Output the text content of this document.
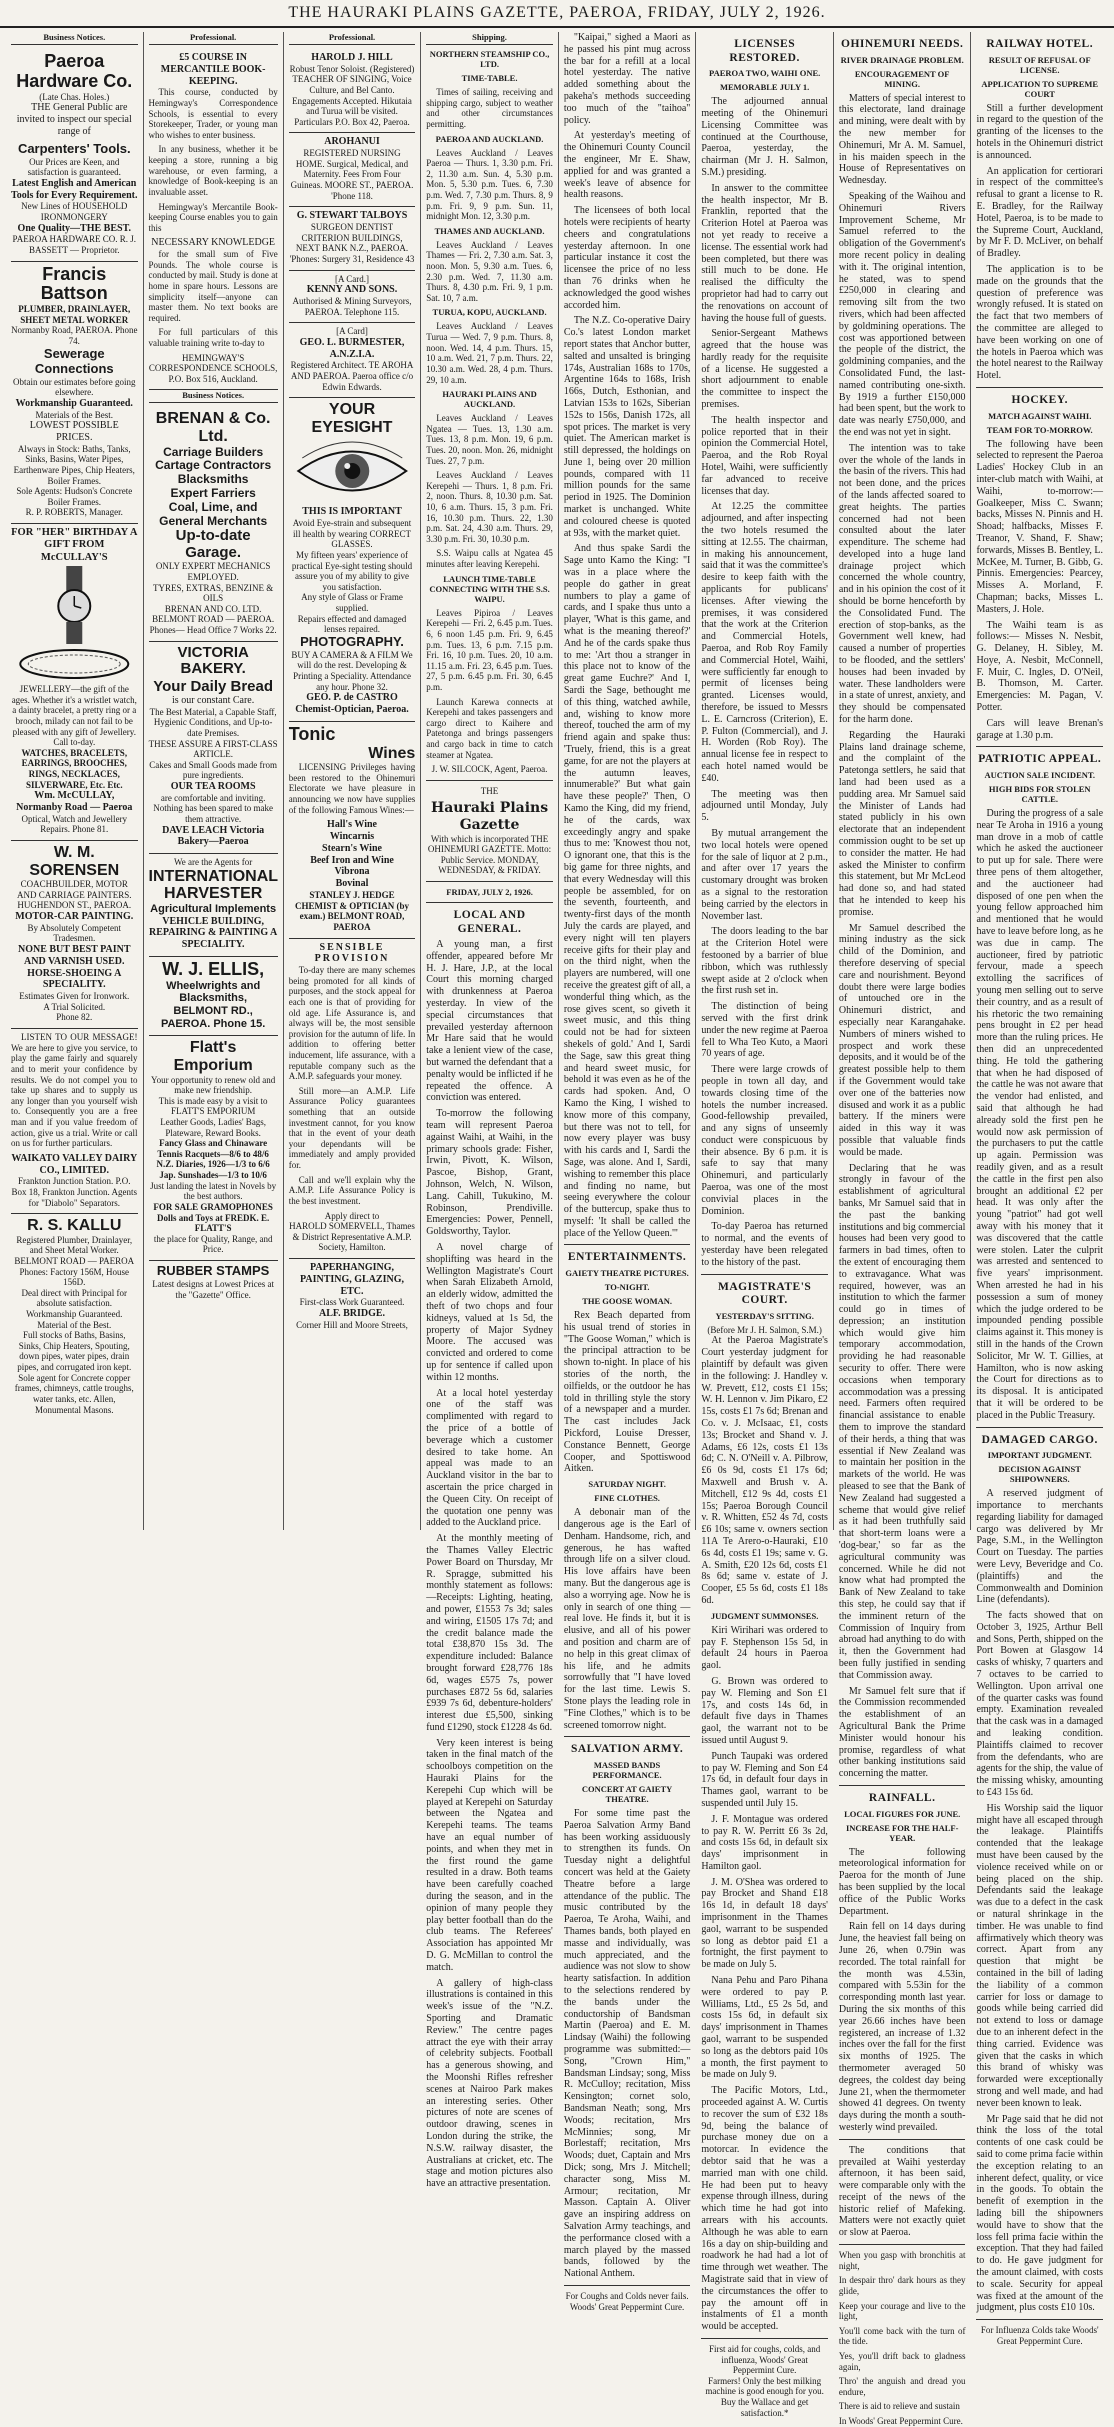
THE HAURAKI PLAINS GAZETTE, PAEROA, FRIDAY, JULY 2, 1926.
Business Notices.
Paeroa Hardware Co.
(Late Chas. Holes.)

THE General Public are invited to inspect our special range of

Carpenters' Tools.
Our Prices are Keen, and satisfaction is guaranteed.
Latest English and American Tools for Every Requirement.
New Lines of HOUSEHOLD IRONMONGERY
One Quality—THE BEST.
PAEROA HARDWARE CO. R. J. BASSETT — Proprietor.
Francis Battson
PLUMBER, DRAINLAYER, SHEET METAL WORKER
Normanby Road, PAEROA. Phone 74.
Sewerage Connections
Obtain our estimates before going elsewhere.
Workmanship Guaranteed.
Materials of the Best.
LOWEST POSSIBLE PRICES.
Always in Stock: Baths, Tanks, Sinks, Basins, Water Pipes, Earthenware Pipes, Chip Heaters, Boiler Frames.
Sole Agents: Hudson's Concrete Boiler Frames.
R. P. ROBERTS, Manager.
FOR "HER" BIRTHDAY A GIFT FROM McCULLAY'S
JEWELLERY—the gift of the ages. Whether it's a wristlet watch, a dainty bracelet, a pretty ring or a brooch, milady can not fail to be pleased with any gift of Jewellery. Call to-day.
WATCHES, BRACELETS, EARRINGS, BROOCHES, RINGS, NECKLACES, SILVERWARE, Etc. Etc.
Wm. McCULLAY, Normanby Road — Paeroa
Optical, Watch and Jewellery Repairs. Phone 81.
W. M. SORENSEN
COACHBUILDER, MOTOR AND CARRIAGE PAINTERS. HUGHENDON ST., PAEROA.
MOTOR-CAR PAINTING.
By Absolutely Competent Tradesmen.
NONE BUT BEST PAINT AND VARNISH USED.
HORSE-SHOEING A SPECIALITY.
Estimates Given for Ironwork.
A Trial Solicited.
Phone 82.

LISTEN TO OUR MESSAGE! We are here to give you service, to play the game fairly and squarely and to merit your confidence by results. We do not compel you to take up shares and to supply us any longer than you yourself wish to. Consequently you are a free man and if you value freedom of action, give us a trial. Write or call on us for further particulars.

WAIKATO VALLEY DAIRY CO., LIMITED.
Frankton Junction Station. P.O. Box 18, Frankton Junction. Agents for "Diabolo" Separators.
R. S. KALLU
Registered Plumber, Drainlayer, and Sheet Metal Worker.
BELMONT ROAD — PAEROA
Phones: Factory 156M, House 156D.
Deal direct with Principal for absolute satisfaction. Workmanship Guaranteed.
Material of the Best.
Full stocks of Baths, Basins, Sinks, Chip Heaters, Spouting, down pipes, water pipes, drain pipes, and corrugated iron kept.
Sole agent for Concrete copper frames, chimneys, cattle troughs, water tanks, etc. Allen, Monumental Masons.
Professional.
£5 COURSE IN MERCANTILE BOOK-KEEPING.

This course, conducted by Hemingway's Correspondence Schools, is essential to every Storekeeper, Trader, or young man who wishes to enter business.

In any business, whether it be keeping a store, running a big warehouse, or even farming, a knowledge of Book-keeping is an invaluable asset.

Hemingway's Mercantile Book-keeping Course enables you to gain this

NECESSARY KNOWLEDGE

for the small sum of Five Pounds. The whole course is conducted by mail. Study is done at home in spare hours. Lessons are simplicity itself—anyone can master them. No text books are required.

For full particulars of this valuable training write to-day to

HEMINGWAY'S CORRESPONDENCE SCHOOLS, P.O. Box 516, Auckland.
Business Notices.
BRENAN & Co. Ltd.
Carriage Builders
Cartage Contractors
Blacksmiths
Expert Farriers
Coal, Lime, and
General Merchants
Up-to-date Garage.
ONLY EXPERT MECHANICS EMPLOYED.
TYRES, EXTRAS, BENZINE & OILS
BRENAN AND CO. LTD. BELMONT ROAD — PAEROA.
Phones— Head Office 7 Works 22.
VICTORIA BAKERY.
Your Daily Bread
is our constant Care.
The Best Material, a Capable Staff, Hygienic Conditions, and Up-to-date Premises.
THESE ASSURE A FIRST-CLASS ARTICLE.
Cakes and Small Goods made from pure ingredients.
OUR TEA ROOMS
are comfortable and inviting. Nothing has been spared to make them attractive.
DAVE LEACH Victoria Bakery—Paeroa
We are the Agents for
INTERNATIONAL HARVESTER
Agricultural Implements
VEHICLE BUILDING, REPAIRING & PAINTING A SPECIALITY.
W. J. ELLIS,
Wheelwrights and Blacksmiths,
BELMONT RD., PAEROA. Phone 15.
Flatt's Emporium
Your opportunity to renew old and make new friendship.
This is made easy by a visit to FLATT'S EMPORIUM
Leather Goods, Ladies' Bags, Plateware, Reward Books.
Fancy Glass and Chinaware Tennis Racquets—8/6 to 48/6 N.Z. Diaries, 1926—1/3 to 6/6 Jap. Sunshades—1/3 to 10/6
Just landing the latest in Novels by the best authors.
FOR SALE GRAMOPHONES Dolls and Toys at FREDK. E. FLATT'S
the place for Quality, Range, and Price.
RUBBER STAMPS
Latest designs at Lowest Prices at the "Gazette" Office.
Professional.
HAROLD J. HILL
Robust Tenor Soloist. (Registered) TEACHER OF SINGING, Voice Culture, and Bel Canto. Engagements Accepted. Hikutaia and Turua will be visited. Particulars P.O. Box 42, Paeroa.
AROHANUI
REGISTERED NURSING HOME. Surgical, Medical, and Maternity. Fees From Four Guineas. MOORE ST., PAEROA. 'Phone 118.
G. STEWART TALBOYS
SURGEON DENTIST CRITERION BUILDINGS, NEXT BANK N.Z., PAEROA. 'Phones: Surgery 31, Residence 43
[A Card.]
KENNY AND SONS.
Authorised & Mining Surveyors, PAEROA. Telephone 115.
[A Card]
GEO. L. BURMESTER, A.N.Z.I.A.
Registered Architect. TE AROHA AND PAEROA. Paeroa office c/o Edwin Edwards.
YOUR EYESIGHT
THIS IS IMPORTANT
Avoid Eye-strain and subsequent ill health by wearing CORRECT GLASSES.
My fifteen years' experience of practical Eye-sight testing should assure you of my ability to give you satisfaction.
Any style of Glass or Frame supplied.
Repairs effected and damaged lenses repaired.
PHOTOGRAPHY.
BUY A CAMERA & A FILM We will do the rest. Developing & Printing a Speciality. Attendance any hour. Phone 32.
GEO. P. de CASTRO Chemist-Optician, Paeroa.
Tonic
Wines

LICENSING Privileges having been restored to the Ohinemuri Electorate we have pleasure in announcing we now have supplies of the following Famous Wines:—

Hall's Wine
Wincarnis
Stearn's Wine
Beef Iron and Wine
Vibrona
Bovinal
STANLEY J. HEDGE CHEMIST & OPTICIAN (by exam.) BELMONT ROAD, PAEROA
SENSIBLE PROVISION

To-day there are many schemes being promoted for all kinds of purposes, and the stock appeal for each one is that of providing for old age. Life Assurance is, and always will be, the most sensible provision for the autumn of life. In addition to offering better inducement, life assurance, with a reputable company such as the A.M.P. safeguards your money.

Still more—an A.M.P. Life Assurance Policy guarantees something that an outside investment cannot, for you know that in the event of your death your dependants will be immediately and amply provided for.

Call and we'll explain why the A.M.P. Life Assurance Policy is the best investment.

Apply direct to
HAROLD SOMERVELL, Thames & District Representative A.M.P. Society, Hamilton.
PAPERHANGING, PAINTING, GLAZING, ETC.
First-class Work Guaranteed.
ALF. BRIDGE.
Corner Hill and Moore Streets,
Shipping.
NORTHERN STEAMSHIP CO., LTD.
TIME-TABLE.

Times of sailing, receiving and shipping cargo, subject to weather and other circumstances permitting.

PAEROA AND AUCKLAND.

Leaves Auckland / Leaves Paeroa — Thurs. 1, 3.30 p.m. Fri. 2, 11.30 a.m. Sun. 4, 5.30 p.m. Mon. 5, 5.30 p.m. Tues. 6, 7.30 p.m. Wed. 7, 7.30 p.m. Thurs. 8, 9 p.m. Fri. 9, 9 p.m. Sun. 11, midnight Mon. 12, 3.30 p.m.

THAMES AND AUCKLAND.

Leaves Auckland / Leaves Thames — Fri. 2, 7.30 a.m. Sat. 3, noon. Mon. 5, 9.30 a.m. Tues. 6, 2.30 p.m. Wed. 7, 11.30 a.m. Thurs. 8, 4.30 p.m. Fri. 9, 1 p.m. Sat. 10, 7 a.m.

TURUA, KOPU, AUCKLAND.

Leaves Auckland / Leaves Turua — Wed. 7, 9 p.m. Thurs. 8, noon. Wed. 14, 4 p.m. Thurs. 15, 10 a.m. Wed. 21, 7 p.m. Thurs. 22, 10.30 a.m. Wed. 28, 4 p.m. Thurs. 29, 10 a.m.

HAURAKI PLAINS AND AUCKLAND.

Leaves Auckland / Leaves Ngatea — Tues. 13, 1.30 a.m. Tues. 13, 8 p.m. Mon. 19, 6 p.m. Tues. 20, noon. Mon. 26, midnight Tues. 27, 7 p.m.

Leaves Auckland / Leaves Kerepehi — Thurs. 1, 8 p.m. Fri. 2, noon. Thurs. 8, 10.30 p.m. Sat. 10, 6 a.m. Thurs. 15, 3 p.m. Fri. 16, 10.30 p.m. Thurs. 22, 1.30 p.m. Sat. 24, 4.30 a.m. Thurs. 29, 3.30 p.m. Fri. 30, 10.30 p.m.

S.S. Waipu calls at Ngatea 45 minutes after leaving Kerepehi.

LAUNCH TIME-TABLE CONNECTING WITH THE S.S. WAIPU.

Leaves Pipiroa / Leaves Kerepehi — Fri. 2, 6.45 p.m. Tues. 6, 6 noon 1.45 p.m. Fri. 9, 6.45 p.m. Tues. 13, 6 p.m. 7.15 p.m. Fri. 16, 10 p.m. Tues. 20, 10 a.m. 11.15 a.m. Fri. 23, 6.45 p.m. Tues. 27, 5 p.m. 6.45 p.m. Fri. 30, 6.45 p.m.

Launch Karewa connects at Kerepehi and takes passengers and cargo direct to Kaihere and Patetonga and brings passengers and cargo back in time to catch steamer at Ngatea.

J. W. SILCOCK, Agent, Paeroa.
THE
Hauraki Plains Gazette
With which is incorporated THE OHINEMURI GAZETTE. Motto: Public Service. MONDAY, WEDNESDAY, & FRIDAY.
FRIDAY, JULY 2, 1926.
LOCAL AND GENERAL.

A young man, a first offender, appeared before Mr H. J. Hare, J.P., at the local Court this morning charged with drunkenness at Paeroa yesterday. In view of the special circumstances that prevailed yesterday afternoon Mr Hare said that he would take a lenient view of the case, but warned the defendant that a penalty would be inflicted if he repeated the offence. A conviction was entered.

To-morrow the following team will represent Paeroa against Waihi, at Waihi, in the primary schools grade: Fisher, Irwin, Pivott, K. Wilson, Pascoe, Bishop, Grant, Johnson, Welch, N. Wilson, Lang. Cahill, Tukukino, M. Robinson, Prendiville. Emergencies: Power, Pennell, Goldsworthy, Taylor.

A novel charge of shoplifting was heard in the Wellington Magistrate's Court when Sarah Elizabeth Arnold, an elderly widow, admitted the theft of two chops and four kidneys, valued at 1s 5d, the property of Major Sydney Moore. The accused was convicted and ordered to come up for sentence if called upon within 12 months.

At a local hotel yesterday one of the staff was complimented with regard to the price of a bottle of beverage which a customer desired to take home. An appeal was made to an Auckland visitor in the bar to ascertain the price charged in the Queen City. On receipt of the quotation one penny was added to the Auckland price.

At the monthly meeting of the Thames Valley Electric Power Board on Thursday, Mr R. Spragge, submitted his monthly statement as follows:—Receipts: Lighting, heating, and power, £1553 7s 3d; sales and wiring, £1505 17s 7d; and the credit balance made the total £38,870 15s 3d. The expenditure included: Balance brought forward £28,776 18s 6d, wages £575 7s, power purchases £872 5s 6d, salaries £939 7s 6d, debenture-holders' interest due £5,500, sinking fund £1290, stock £1228 4s 6d.

Very keen interest is being taken in the final match of the schoolboys competition on the Hauraki Plains for the Kerepehi Cup which will be played at Kerepehi on Saturday between the Ngatea and Kerepehi teams. The teams have an equal number of points, and when they met in the first round the game resulted in a draw. Both teams have been carefully coached during the season, and in the opinion of many people they play better football than do the club teams. The Referees' Association has appointed Mr D. G. McMillan to control the match.

A gallery of high-class illustrations is contained in this week's issue of the "N.Z. Sporting and Dramatic Review." The centre pages attract the eye with their array of celebrity subjects. Football has a generous showing, and the Moonshi Rifles refresher scenes at Nairoo Park makes an interesting series. Other pictures of note are scenes of outdoor drawing, scenes in London during the strike, the N.S.W. railway disaster, the Australians at cricket, etc. The stage and motion pictures also have an attractive presentation.

"Kaipai," sighed a Maori as he passed his pint mug across the bar for a refill at a local hotel yesterday. The native added something about the pakeha's methods succeeding too much of the "taihoa" policy.

At yesterday's meeting of the Ohinemuri County Council the engineer, Mr E. Shaw, applied for and was granted a week's leave of absence for health reasons.

The licensees of both local hotels were recipients of hearty cheers and congratulations yesterday afternoon. In one particular instance it cost the licensee the price of no less than 76 drinks when he acknowledged the good wishes accorded him.

The N.Z. Co-operative Dairy Co.'s latest London market report states that Anchor butter, salted and unsalted is bringing 174s, Australian 168s to 170s, Argentine 164s to 168s, Irish 166s, Dutch, Esthonian, and Latvian 153s to 162s, Siberian 152s to 156s, Danish 172s, all spot prices. The market is very quiet. The American market is still depressed, the holdings on June 1, being over 20 million pounds, compared with 11 million pounds for the same period in 1925. The Dominion market is unchanged. White and coloured cheese is quoted at 93s, with the market quiet.

And thus spake Sardi the Sage unto Kamo the King: "I was in a place where the people do gather in great numbers to play a game of cards, and I spake thus unto a player, 'What is this game, and what is the meaning thereof?' And he of the cards spake thus to me: 'Art thou a stranger in this place not to know of the great game Euchre?' And I, Sardi the Sage, bethought me of this thing, watched awhile, and, wishing to know more thereof, touched the arm of my friend again and spake thus: 'Truely, friend, this is a great game, for are not the players at the autumn leaves, innumerable?' But what gain have these people?' Then, O Kamo the King, did my friend, he of the cards, wax exceedingly angry and spake thus to me: 'Knowest thou not, O ignorant one, that this is the big game for three nights, and that every Wednesday will this people be assembled, for on the seventh, fourteenth, and twenty-first days of the month July the cards are played, and every night will ten players receive gifts for their play and on the third night, when the players are numbered, will one receive the greatest gift of all, a wonderful thing which, as the rose gives scent, so giveth it sweet music, and this thing could not be had for sixteen shekels of gold.' And I, Sardi the Sage, saw this great thing and heard sweet music, for behold it was even as he of the cards had spoken. And, O Kamo the King, I wished to know more of this company, but there was not to tell, for now every player was busy with his cards and I, Sardi the Sage, was alone. And I, Sardi, wishing to remember this place and finding no name, but seeing everywhere the colour of the buttercup, spake thus to myself: 'It shall be called the place of the Yellow Queen.'"

ENTERTAINMENTS.
GAIETY THEATRE PICTURES.
TO-NIGHT.
THE GOOSE WOMAN.

Rex Beach departed from his usual trend of stories in "The Goose Woman," which is the principal attraction to be shown to-night. In place of his stories of the north, the oilfields, or the outdoor he has told in thrilling style the story of a newspaper and a murder. The cast includes Jack Pickford, Louise Dresser, Constance Bennett, George Cooper, and Spottiswood Aitken.

SATURDAY NIGHT.
FINE CLOTHES.

A debonair man of the dangerous age is the Earl of Denham. Handsome, rich, and generous, he has wafted through life on a silver cloud. His love affairs have been many. But the dangerous age is also a worrying age. Now he is only in search of one thing —real love. He finds it, but it is elusive, and all of his power and position and charm are of no help in this great climax of his life, and he admits sorrowfully that "I have loved for the last time. Lewis S. Stone plays the leading role in "Fine Clothes," which is to be screened tomorrow night.

SALVATION ARMY.
MASSED BANDS PERFORMANCE.
CONCERT AT GAIETY THEATRE.

For some time past the Paeroa Salvation Army Band has been working assiduously to strengthen its funds. On Tuesday night a delightful concert was held at the Gaiety Theatre before a large attendance of the public. The music contributed by the Paeroa, Te Aroha, Waihi, and Thames bands, both played en masse and individually, was much appreciated, and the audience was not slow to show hearty satisfaction. In addition to the selections rendered by the bands under the conductorship of Bandsman Martin (Paeroa) and E. M. Lindsay (Waihi) the following programme was submitted:— Song, "Crown Him," Bandsman Lindsay; song, Miss R. McCulloy; recitation, Miss Kensington; cornet solo, Bandsman Neath; song, Mrs Woods; recitation, Mrs McMinnies; song, Mr Borlestaff; recitation, Mrs Woods; duet, Captain and Mrs Dick; song, Mrs J. Mitchell; character song, Miss M. Armour; recitation, Mr Masson. Captain A. Oliver gave an inspiring address on Salvation Army teachings, and the performance closed with a march played by the massed bands, followed by the National Anthem.

For Coughs and Colds never fails. Woods' Great Peppermint Cure.
LICENSES RESTORED.
PAEROA TWO, WAIHI ONE.
MEMORABLE JULY 1.

The adjourned annual meeting of the Ohinemuri Licensing Committee was continued at the Courthouse, Paeroa, yesterday, the chairman (Mr J. H. Salmon, S.M.) presiding.

In answer to the committee the health inspector, Mr B. Franklin, reported that the Criterion Hotel at Paeroa was not yet ready to receive a license. The essential work had been completed, but there was still much to be done. He realised the difficulty the proprietor had had to carry out the renovations on account of having the house full of guests.

Senior-Sergeant Mathews agreed that the house was hardly ready for the requisite of a license. He suggested a short adjournment to enable the committee to inspect the premises.

The health inspector and police reported that in their opinion the Commercial Hotel, Paeroa, and the Rob Royal Hotel, Waihi, were sufficiently far advanced to receive licenses that day.

At 12.25 the committee adjourned, and after inspecting the two hotels resumed the sitting at 12.55. The chairman, in making his announcement, said that it was the committee's desire to keep faith with the applicants for publicans' licenses. After viewing the premises, it was considered that the work at the Criterion and Commercial Hotels, Paeroa, and Rob Roy Family and Commercial Hotel, Waihi, were sufficiently far enough to permit of licenses being granted. Licenses would, therefore, be issued to Messrs L. E. Carncross (Criterion), E. P. Fulton (Commercial), and J. H. Worden (Rob Roy). The annual license fee in respect to each hotel named would be £40.

The meeting was then adjourned until Monday, July 5.

By mutual arrangement the two local hotels were opened for the sale of liquor at 2 p.m., and after over 17 years the customary drought was broken as a signal to the restoration being carried by the electors in November last.

The doors leading to the bar at the Criterion Hotel were festooned by a barrier of blue ribbon, which was ruthlessly swept aside at 2 o'clock when the first rush set in.

The distinction of being served with the first drink under the new regime at Paeroa fell to Wha Teo Kuto, a Maori 70 years of age.

There were large crowds of people in town all day, and towards closing time of the hotels the number increased. Good-fellowship prevailed, and any signs of unseemly conduct were conspicuous by their absence. By 6 p.m. it is safe to say that many Ohinemuri, and particularly Paeroa, was one of the most convivial places in the Dominion.

To-day Paeroa has returned to normal, and the events of yesterday have been relegated to the history of the past.

MAGISTRATE'S COURT.
YESTERDAY'S SITTING.
(Before Mr J. H. Salmon, S.M.)

At the Paeroa Magistrate's Court yesterday judgment for plaintiff by default was given in the following: J. Handley v. W. Prevett, £12, costs £1 15s; W. H. Lennon v. Jim Pikaro, £2 15s, costs £1 7s 6d; Brenan and Co. v. J. McIsaac, £1, costs 13s; Brocket and Shand v. J. Adams, £6 12s, costs £1 13s 6d; C. N. O'Neill v. A. Pilbrow, £6 0s 9d, costs £1 17s 6d; Maxwell and Brush v. A. Mitchell, £12 9s 4d, costs £1 15s; Paeroa Borough Council v. R. Whitten, £52 4s 7d, costs £6 10s; same v. owners section 11A Te Arero-o-Hauraki, £10 6s 4d, costs £1 19s; same v. G. A. Smith, £20 12s 6d, costs £1 8s 6d; same v. estate of J. Cooper, £5 5s 6d, costs £1 18s 6d.

JUDGMENT SUMMONSES.

Kiri Wirihari was ordered to pay F. Stephenson 15s 5d, in default 24 hours in Paeroa gaol.

G. Brown was ordered to pay W. Fleming and Son £1 17s, and costs 14s 6d, in default five days in Thames gaol, the warrant not to be issued until August 9.

Punch Taupaki was ordered to pay W. Fleming and Son £4 17s 6d, in default four days in Thames gaol, warrant to be suspended until July 15.

J. F. Montague was ordered to pay R. W. Perritt £6 3s 2d, and costs 15s 6d, in default six days' imprisonment in Hamilton gaol.

J. M. O'Shea was ordered to pay Brocket and Shand £18 16s 1d, in default 18 days' imprisonment in the Thames gaol, warrant to be suspended so long as debtor paid £1 a fortnight, the first payment to be made on July 5.

Nana Pehu and Paro Pihana were ordered to pay P. Williams, Ltd., £5 2s 5d, and costs 15s 6d, in default six days' imprisonment in Thames gaol, warrant to be suspended so long as the debtors paid 10s a month, the first payment to be made on July 9.

The Pacific Motors, Ltd., proceeded against A. W. Curtis to recover the sum of £32 18s 9d, being the balance of purchase money due on a motorcar. In evidence the debtor said that he was a married man with one child. He had been put to heavy expense through illness, during which time he had got into arrears with his accounts. Although he was able to earn 16s a day on ship-building and roadwork he had had a lot of time through wet weather. The Magistrate said that in view of the circumstances the offer to pay the amount off in instalments of £1 a month would be accepted.

First aid for coughs, colds, and influenza, Woods' Great Peppermint Cure.
Farmers! Only the best milking machine is good enough for you. Buy the Wallace and get satisfaction.*
OHINEMURI NEEDS.
RIVER DRAINAGE PROBLEM.
ENCOURAGEMENT OF MINING.

Matters of special interest to this electorate, land drainage and mining, were dealt with by the new member for Ohinemuri, Mr A. M. Samuel, in his maiden speech in the House of Representatives on Wednesday.

Speaking of the Waihou and Ohinemuri Rivers Improvement Scheme, Mr Samuel referred to the obligation of the Government's more recent policy in dealing with it. The original intention, he stated, was to spend £250,000 in clearing and removing silt from the two rivers, which had been affected by goldmining operations. The cost was apportioned between the people of the district, the goldmining companies, and the Consolidated Fund, the last-named contributing one-sixth. By 1919 a further £150,000 had been spent, but the work to date was nearly £750,000, and the end was not yet in sight.

The intention was to take over the whole of the lands in the basin of the rivers. This had not been done, and the prices of the lands affected soared to great heights. The parties concerned had not been consulted about the later expenditure. The scheme had developed into a huge land drainage project which concerned the whole country, and in his opinion the cost of it should be borne henceforth by the Consolidated Fund. The erection of stop-banks, as the Government well knew, had caused a number of properties to be flooded, and the settlers' houses had been invaded by water. These landholders were in a state of unrest, anxiety, and they should be compensated for the harm done.

Regarding the Hauraki Plains land drainage scheme, and the complaint of the Patetonga settlers, he said that land had been used as a pudding area. Mr Samuel said the Minister of Lands had stated publicly in his own electorate that an independent commission ought to be set up to consider the matter. He had asked the Minister to confirm this statement, but Mr McLeod had done so, and had stated that he intended to keep his promise.

Mr Samuel described the mining industry as the sick child of the Dominion, and therefore deserving of special care and nourishment. Beyond doubt there were large bodies of untouched ore in the Ohinemuri district, and especially near Karangahake. Numbers of miners wished to prospect and work these deposits, and it would be of the greatest possible help to them if the Government would take over one of the batteries now disused and work it as a public battery. If the miners were aided in this way it was possible that valuable finds would be made.

Declaring that he was strongly in favour of the establishment of agricultural banks, Mr Samuel said that in the past the banking institutions and big commercial houses had been very good to farmers in bad times, often to the extent of encouraging them to extravagance. What was required, however, was an institution to which the farmer could go in times of depression; an institution which would give him temporary accommodation, providing he had reasonable security to offer. There were occasions when temporary accommodation was a pressing need. Farmers often required financial assistance to enable them to improve the standard of their herds, a thing that was essential if New Zealand was to maintain her position in the markets of the world. He was pleased to see that the Bank of New Zealand had suggested a scheme that would give relief as it had been truthfully said that short-term loans were a 'dog-bear,' so far as the agricultural community was concerned. While he did not know what had prompted the Bank of New Zealand to take this step, he could say that if the imminent return of the Commission of Inquiry from abroad had anything to do with it, then the Government had been fully justified in sending that Commission away.

Mr Samuel felt sure that if the Commission recommended the establishment of an Agricultural Bank the Prime Minister would honour his promise, regardless of what other banking institutions said concerning the matter.

RAINFALL.
LOCAL FIGURES FOR JUNE.
INCREASE FOR THE HALF-YEAR.

The following meteorological information for Paeroa for the month of June has been supplied by the local office of the Public Works Department.

Rain fell on 14 days during June, the heaviest fall being on June 26, when 0.79in was recorded. The total rainfall for the month was 4.53in, compared with 5.53in for the corresponding month last year. During the six months of this year 26.66 inches have been registered, an increase of 1.32 inches over the fall for the first six months of 1925. The thermometer averaged 50 degrees, the coldest day being June 21, when the thermometer showed 41 degrees. On twenty days during the month a south-westerly wind prevailed.

The conditions that prevailed at Waihi yesterday afternoon, it has been said, were comparable only with the receipt of the news of the historic relief of Mafeking. Matters were not exactly quiet or slow at Paeroa.

When you gasp with bronchitis at night,

In despair thro' dark hours as they glide,

Keep your courage and live to the light,

You'll come back with the turn of the tide.

Yes, you'll drift back to gladness again,

Thro' the anguish and dread you endure,

There is aid to relieve and sustain

In Woods' Great Peppermint Cure.

RAILWAY HOTEL.
RESULT OF REFUSAL OF LICENSE.
APPLICATION TO SUPREME COURT

Still a further development in regard to the question of the granting of the licenses to the hotels in the Ohinemuri district is announced.

An application for certiorari in respect of the committee's refusal to grant a license to R. E. Bradley, for the Railway Hotel, Paeroa, is to be made to the Supreme Court, Auckland, by Mr F. D. McLiver, on behalf of Bradley.

The application is to be made on the grounds that the question of preference was wrongly refused. It is stated on the fact that two members of the committee are alleged to have been working on one of the hotels in Paeroa which was the hotel nearest to the Railway Hotel.

HOCKEY.
MATCH AGAINST WAIHI.
TEAM FOR TO-MORROW.

The following have been selected to represent the Paeroa Ladies' Hockey Club in an inter-club match with Waihi, at Waihi, to-morrow:— Goalkeeper, Miss C. Swann; backs, Misses N. Pinnis and H. Shoad; halfbacks, Misses F. Treanor, V. Shand, F. Shaw; forwards, Misses B. Bentley, L. McKee, M. Turner, B. Gibb, G. Pinnis. Emergencies: Pearcey, Misses A. Morland, F. Chapman; backs, Misses L. Masters, J. Hole.

The Waihi team is as follows:— Misses N. Nesbit, G. Delaney, H. Sibley, M. Hoye, A. Nesbit, McConnell, F. Muir, C. Ingles, D. O'Neil, B. Thomson, M. Carter. Emergencies: M. Pagan, V. Potter.

Cars will leave Brenan's garage at 1.30 p.m.

PATRIOTIC APPEAL.
AUCTION SALE INCIDENT.
HIGH BIDS FOR STOLEN CATTLE.

During the progress of a sale near Te Aroha in 1916 a young man drove in a mob of cattle which he asked the auctioneer to put up for sale. There were three pens of them altogether, and the auctioneer had disposed of one pen when the young fellow approached him and mentioned that he would have to leave before long, as he was due in camp. The auctioneer, fired by patriotic fervour, made a speech extolling the sacrifices of young men selling out to serve their country, and as a result of his rhetoric the two remaining pens brought in £2 per head more than the ruling prices. He then did an unprecedented thing. He told the gathering that when he had disposed of the cattle he was not aware that the vendor had enlisted, and said that although he had already sold the first pen he would now ask permission of the purchasers to put the cattle up again. Permission was readily given, and as a result the cattle in the first pen also brought an additional £2 per head. It was only after the young "patriot" had got well away with his money that it was discovered that the cattle were stolen. Later the culprit was arrested and sentenced to five years' imprisonment. When arrested he had in his possession a sum of money which the judge ordered to be impounded pending possible claims against it. This money is still in the hands of the Crown Solicitor, Mr W. T. Gillies, at Hamilton, who is now asking the Court for directions as to its disposal. It is anticipated that it will be ordered to be placed in the Public Treasury.

DAMAGED CARGO.
IMPORTANT JUDGMENT.
DECISION AGAINST SHIPOWNERS.

A reserved judgment of importance to merchants regarding liability for damaged cargo was delivered by Mr Page, S.M., in the Wellington Court on Tuesday. The parties were Levy, Beveridge and Co. (plaintiffs) and the Commonwealth and Dominion Line (defendants).

The facts showed that on October 3, 1925, Arthur Bell and Sons, Perth, shipped on the Port Bowen at Glasgow 14 casks of whisky, 7 quarters and 7 octaves to be carried to Wellington. Upon arrival one of the quarter casks was found empty. Examination revealed that the cask was in a damaged and leaking condition. Plaintiffs claimed to recover from the defendants, who are agents for the ship, the value of the missing whisky, amounting to £43 15s 6d.

His Worship said the liquor might have all escaped through the leakage. Plaintiffs contended that the leakage must have been caused by the violence received while on or being placed on the ship. Defendants said the leakage was due to a defect in the cask or natural shrinkage in the timber. He was unable to find affirmatively which theory was correct. Apart from any question that might be contained in the bill of lading the liability of a common carrier for loss or damage to goods while being carried did not extend to loss or damage due to an inherent defect in the thing carried. Evidence was given that the casks in which this brand of whisky was forwarded were exceptionally strong and well made, and had never been known to leak.

Mr Page said that he did not think the loss of the total contents of one cask could be said to come prima facie within the exception relating to an inherent defect, quality, or vice in the goods. To obtain the benefit of exemption in the lading bill the shipowners would have to show that the loss fell prima facie within the exception. That they had failed to do. He gave judgment for the amount claimed, with costs to scale. Security for appeal was fixed at the amount of the judgment, plus costs £10 10s.

For Influenza Colds take Woods' Great Peppermint Cure.
